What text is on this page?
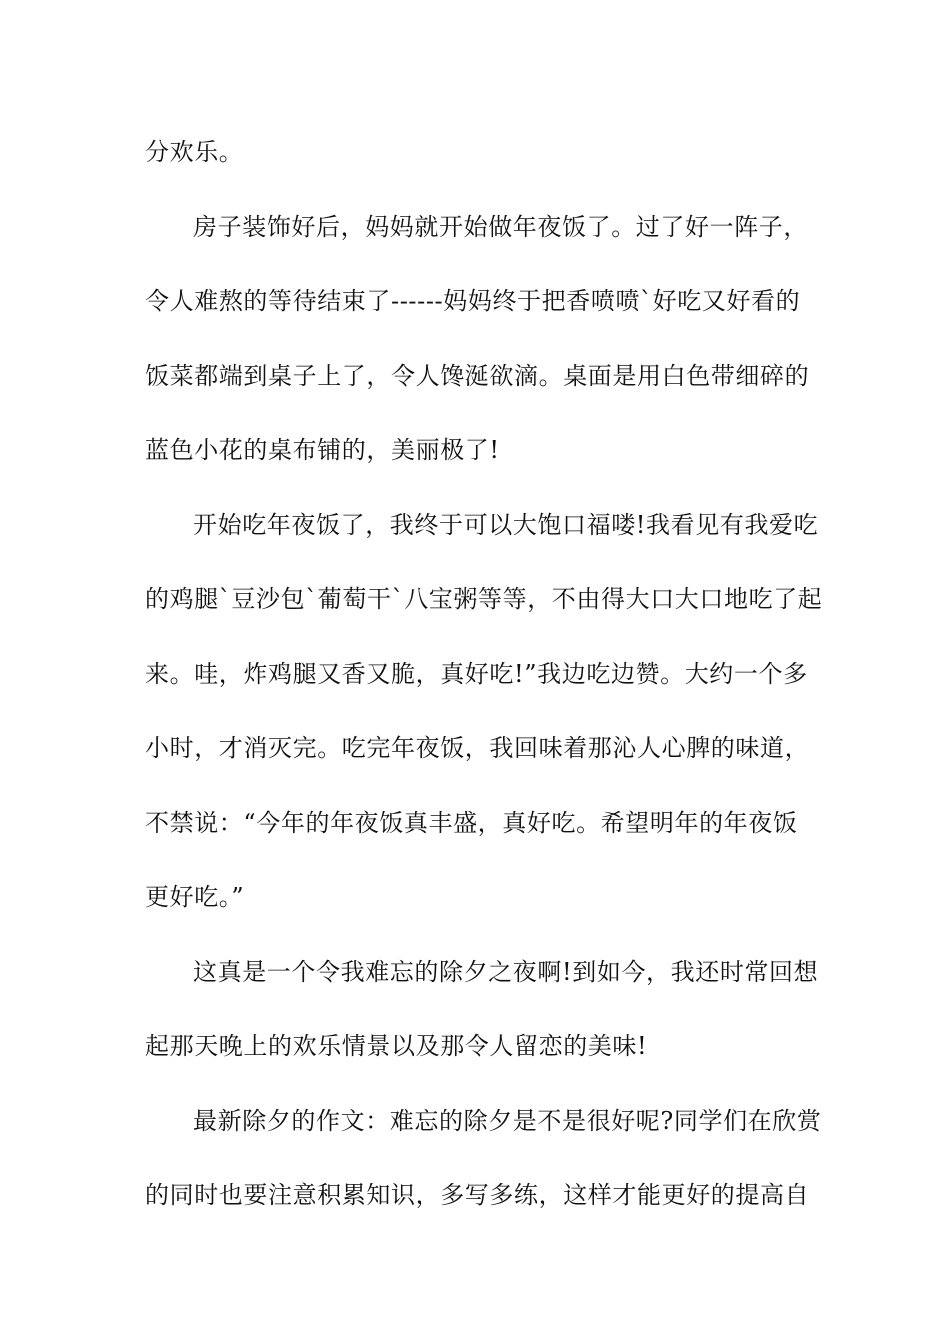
分欢乐。
房子装饰好后，妈妈就开始做年夜饭了。过了好一阵子，
令人难熬的等待结束了------妈妈终于把香喷喷`好吃又好看的
饭菜都端到桌子上了，令人馋涎欲滴。桌面是用白色带细碎的
蓝色小花的桌布铺的，美丽极了!
开始吃年夜饭了，我终于可以大饱口福喽!我看见有我爱吃
的鸡腿`豆沙包`葡萄干`八宝粥等等，不由得大口大口地吃了起
来。哇，炸鸡腿又香又脆，真好吃!”我边吃边赞。大约一个多
小时，才消灭完。吃完年夜饭，我回味着那沁人心脾的味道，
不禁说：“今年的年夜饭真丰盛，真好吃。希望明年的年夜饭
更好吃。”
这真是一个令我难忘的除夕之夜啊!到如今，我还时常回想
起那天晚上的欢乐情景以及那令人留恋的美味!
最新除夕的作文：难忘的除夕是不是很好呢?同学们在欣赏
的同时也要注意积累知识，多写多练，这样才能更好的提高自
